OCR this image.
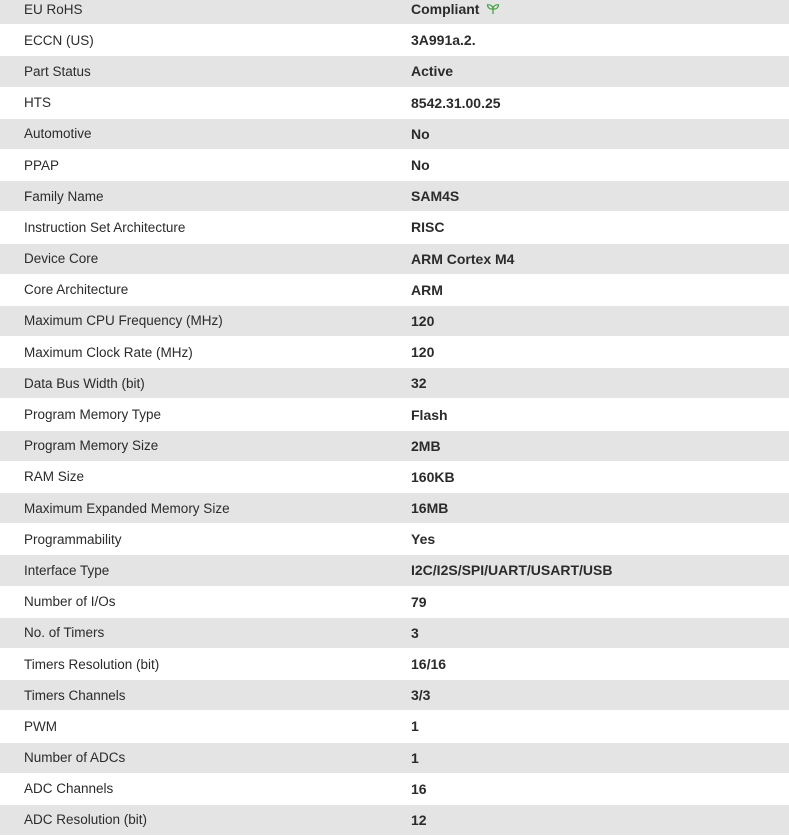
EU RoHS	Compliant
ECCN (US)	3A991a.2.
Part Status	Active
HTS	8542.31.00.25
Automotive	No
PPAP	No
Family Name	SAM4S
Instruction Set Architecture	RISC
Device Core	ARM Cortex M4
Core Architecture	ARM
Maximum CPU Frequency (MHz)	120
Maximum Clock Rate (MHz)	120
Data Bus Width (bit)	32
Program Memory Type	Flash
Program Memory Size	2MB
RAM Size	160KB
Maximum Expanded Memory Size	16MB
Programmability	Yes
Interface Type	I2C/I2S/SPI/UART/USART/USB
Number of I/Os	79
No. of Timers	3
Timers Resolution (bit)	16/16
Timers Channels	3/3
PWM	1
Number of ADCs	1
ADC Channels	16
ADC Resolution (bit)	12
